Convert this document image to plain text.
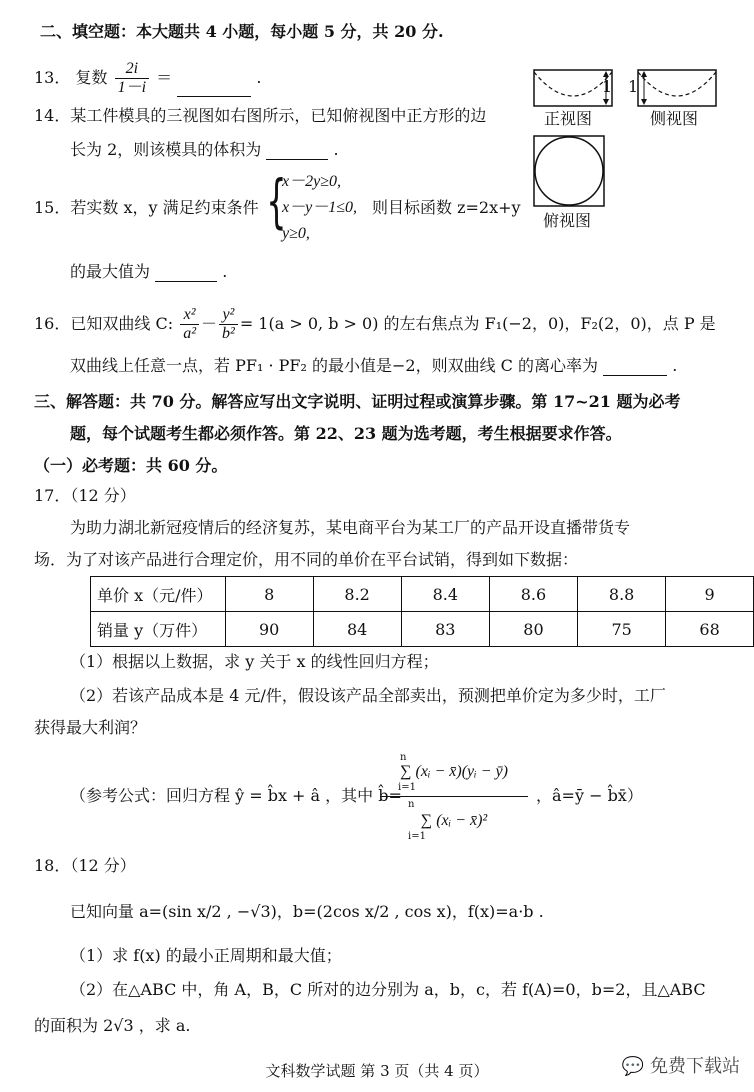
二、填空题：本大题共 4 小题，每小题 5 分，共 20 分.
13． 复数 $\frac{2i}{1-i}$ ＝	.
14．某工件模具的三视图如右图所示，已知俯视图中正方形的边
长为 2，则该模具的体积为	.
15．若实数 x，y 满足约束条件 {
x－2y≥0,
x－y－1≤0,
y≥0,
则目标函数 z=2x+y
的最大值为	.
1 1
正视图	侧视图
俯视图
16．已知双曲线 C: $\frac{\text{x²}}{\text{a²}} - \frac{\text{y²}}{\text{b²}} = 1(a > 0$, b > 0) 的左右焦点为 F₁(−2，0)，F₂(2，0)，点 P 是
双曲线上任意一点，若 PF₁ · PF₂ 的最小值是−2，则双曲线 C 的离心率为	.
三、解答题：共 70 分。解答应写出文字说明、证明过程或演算步骤。第 17~21 题为必考
题，每个试题考生都必须作答。第 22、23 题为选考题，考生根据要求作答。
（一）必考题：共 60 分。
17．（12 分）
为助力湖北新冠疫情后的经济复苏，某电商平台为某工厂的产品开设直播带货专
场．为了对该产品进行合理定价，用不同的单价在平台试销，得到如下数据：
单价 x（元/件）	8	8.2	8.4	8.6	8.8	9
销量 y（万件）	90	84	83	80	75	68
（1）根据以上数据，求 y 关于 x 的线性回归方程；
（2）若该产品成本是 4 元/件，假设该产品全部卖出，预测把单价定为多少时，工厂
获得最大利润？
（参考公式：回归方程 ŷ = b̂x + â ，其中 b̂=
n
∑ (xᵢ − x̄)(yᵢ − ȳ)
i=1
n
∑ (xᵢ − x̄)²
i=1
，â=ȳ − b̂x̄）
18．（12 分）
已知向量 a=(sin x/2 , −√3)，b=(2cos x/2 , cos x)，f(x)=a·b .
（1）求 f(x) 的最小正周期和最大值；
（2）在△ABC 中，角 A，B，C 所对的边分别为 a，b，c，若 f(A)=0，b=2，且△ABC
的面积为 2√3 ，求 a.
文科数学试题 第 3 页（共 4 页）	💬 免费下载站
